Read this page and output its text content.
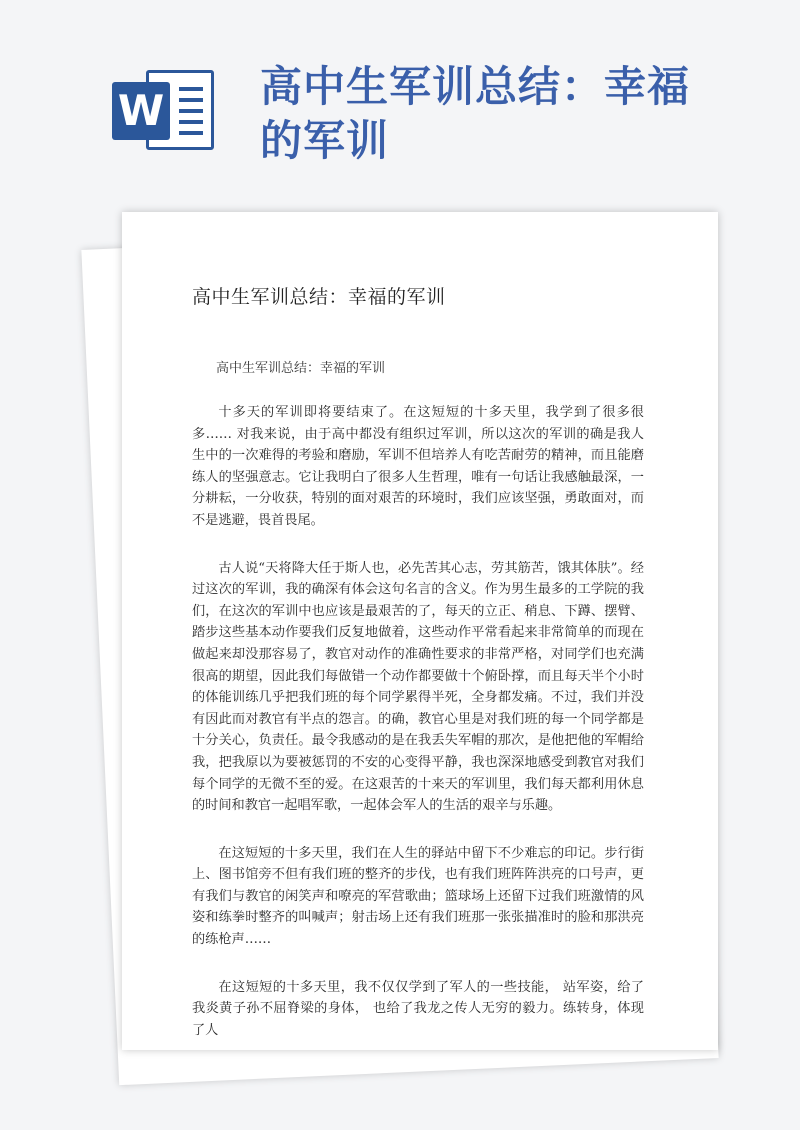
W 高中生军训总结：幸福的军训
高中生军训总结：幸福的军训

高中生军训总结：幸福的军训

十多天的军训即将要结束了。在这短短的十多天里，我学到了很多很多…… 对我来说，由于高中都没有组织过军训，所以这次的军训的确是我人生中的一次难得的考验和磨励，军训不但培养人有吃苦耐劳的精神，而且能磨练人的坚强意志。它让我明白了很多人生哲理，唯有一句话让我感触最深，一分耕耘，一分收获，特别的面对艰苦的环境时，我们应该坚强，勇敢面对，而不是逃避，畏首畏尾。

古人说“天将降大任于斯人也，必先苦其心志，劳其筋苦，饿其体肤”。经过这次的军训，我的确深有体会这句名言的含义。作为男生最多的工学院的我们，在这次的军训中也应该是最艰苦的了，每天的立正、稍息、下蹲、摆臂、踏步这些基本动作要我们反复地做着，这些动作平常看起来非常简单的而现在做起来却没那容易了，教官对动作的准确性要求的非常严格，对同学们也充满很高的期望，因此我们每做错一个动作都要做十个俯卧撑，而且每天半个小时的体能训练几乎把我们班的每个同学累得半死，全身都发痛。不过，我们并没有因此而对教官有半点的怨言。的确，教官心里是对我们班的每一个同学都是十分关心，负责任。最令我感动的是在我丢失军帽的那次，是他把他的军帽给我，把我原以为要被惩罚的不安的心变得平静，我也深深地感受到教官对我们每个同学的无微不至的爱。在这艰苦的十来天的军训里，我们每天都利用休息的时间和教官一起唱军歌，一起体会军人的生活的艰辛与乐趣。

在这短短的十多天里，我们在人生的驿站中留下不少难忘的印记。步行街上、图书馆旁不但有我们班的整齐的步伐，也有我们班阵阵洪亮的口号声，更有我们与教官的闲笑声和嘹亮的军营歌曲；篮球场上还留下过我们班激情的风姿和练拳时整齐的叫喊声；射击场上还有我们班那一张张描准时的脸和那洪亮的练枪声……

在这短短的十多天里，我不仅仅学到了军人的一些技能， 站军姿，给了我炎黄子孙不屈脊梁的身体， 也给了我龙之传人无穷的毅力。练转身，体现了人
